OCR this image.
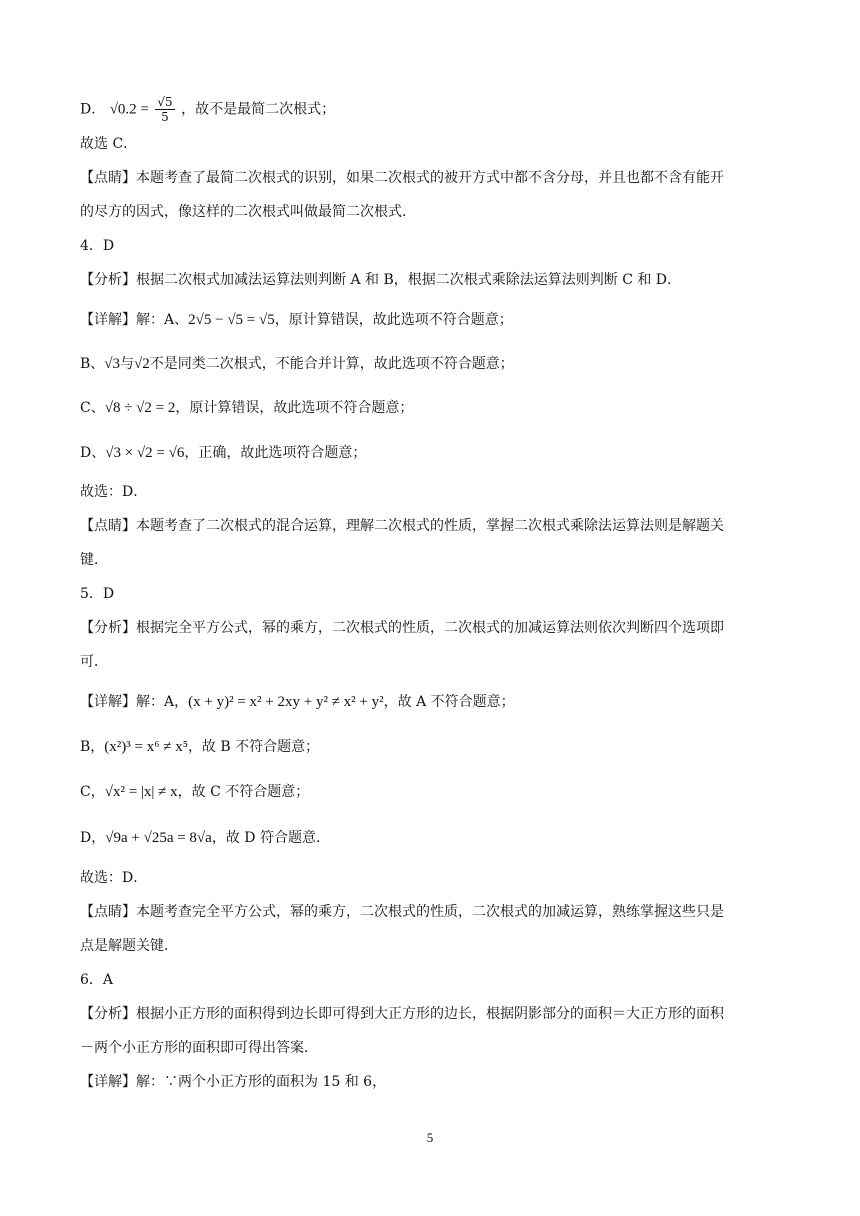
D． $√0.2 = \frac{√5}{5}$ ，故不是最简二次根式；
故选 C．
【点睛】本题考查了最简二次根式的识别，如果二次根式的被开方式中都不含分母，并且也都不含有能开
的尽方的因式，像这样的二次根式叫做最简二次根式．
4．D
【分析】根据二次根式加减法运算法则判断 A 和 B，根据二次根式乘除法运算法则判断 C 和 D．
【详解】解：A、2√5 − √5 = √5，原计算错误，故此选项不符合题意；
B、√3与√2不是同类二次根式，不能合并计算，故此选项不符合题意；
C、√8 ÷ √2 = 2，原计算错误，故此选项不符合题意；
D、√3 × √2 = √6，正确，故此选项符合题意；
故选：D．
【点睛】本题考查了二次根式的混合运算，理解二次根式的性质，掌握二次根式乘除法运算法则是解题关
键．
5．D
【分析】根据完全平方公式，幂的乘方，二次根式的性质，二次根式的加减运算法则依次判断四个选项即
可．
【详解】解：A，(x + y)² = x² + 2xy + y² ≠ x² + y²，故 A 不符合题意；
B，(x²)³ = x⁶ ≠ x⁵，故 B 不符合题意；
C，√x² = |x| ≠ x，故 C 不符合题意；
D，√9a + √25a = 8√a，故 D 符合题意．
故选：D．
【点睛】本题考查完全平方公式，幂的乘方，二次根式的性质，二次根式的加减运算，熟练掌握这些只是
点是解题关键．
6．A
【分析】根据小正方形的面积得到边长即可得到大正方形的边长，根据阴影部分的面积＝大正方形的面积
－两个小正方形的面积即可得出答案．
【详解】解：∵两个小正方形的面积为 15 和 6，
5
